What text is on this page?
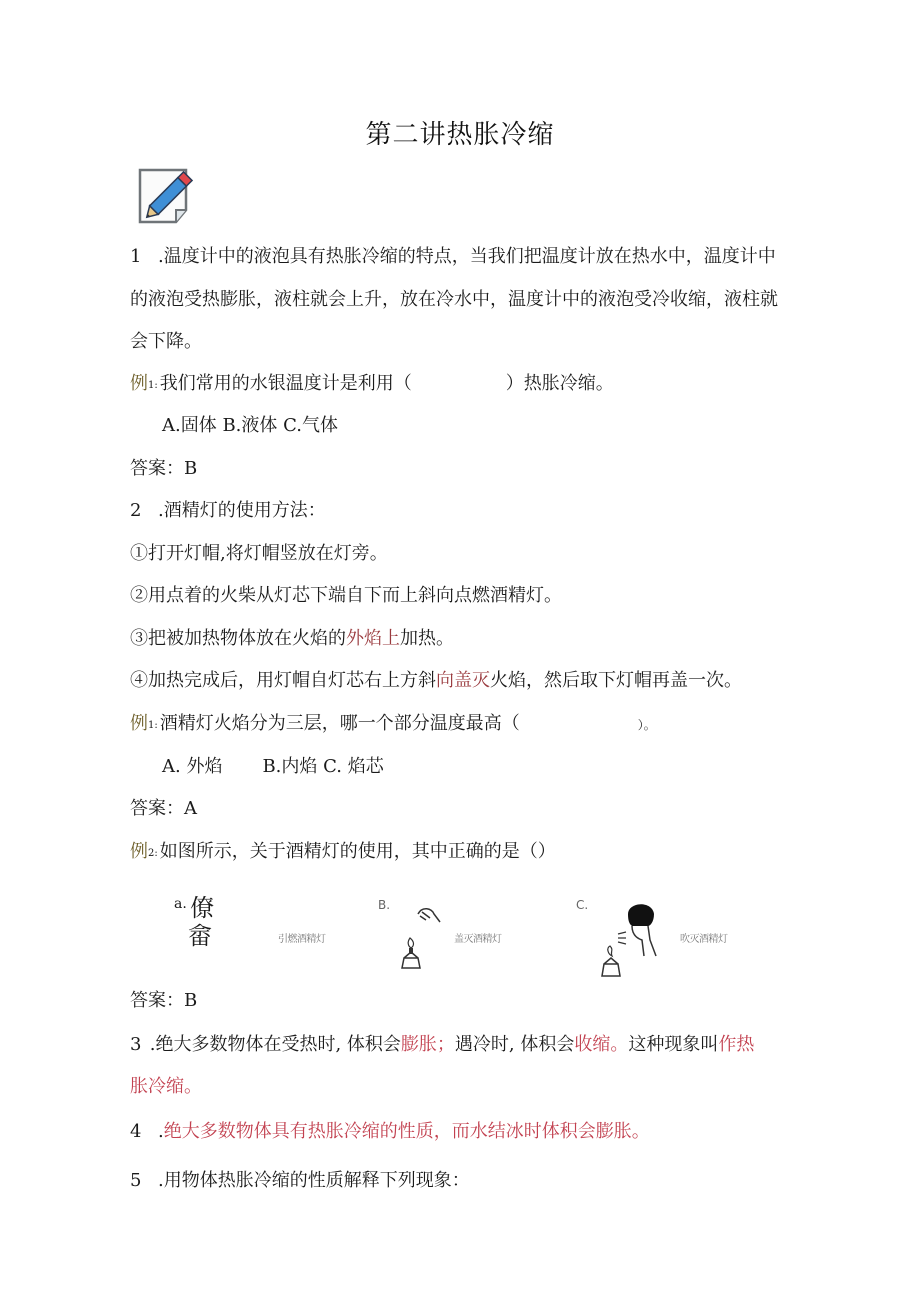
第二讲热胀冷缩
1 .温度计中的液泡具有热胀冷缩的特点，当我们把温度计放在热水中，温度计中
的液泡受热膨胀，液柱就会上升，放在冷水中，温度计中的液泡受冷收缩，液柱就
会下降。
例1: 我们常用的水银温度计是利用（	）热胀冷缩。
A.固体 B.液体 C.气体
答案：B
2 .酒精灯的使用方法：
①打开灯帽,将灯帽竖放在灯旁。
②用点着的火柴从灯芯下端自下而上斜向点燃酒精灯。
③把被加热物体放在火焰的外焰上加热。
④加热完成后，用灯帽自灯芯右上方斜向盖灭火焰，然后取下灯帽再盖一次。
例1: 酒精灯火焰分为三层，哪一个部分温度最高（	）。
A. 外焰 B.内焰 C. 焰芯
答案：A
例2: 如图所示，关于酒精灯的使用，其中正确的是（）
a. 僚
畲	引燃酒精灯
B.
盖灭酒精灯
C.
吹灭酒精灯
答案：B
3 .绝大多数物体在受热时, 体积会膨胀；遇冷时, 体积会收缩。这种现象叫作热
胀冷缩。
4 .绝大多数物体具有热胀冷缩的性质，而水结冰时体积会膨胀。
5 .用物体热胀冷缩的性质解释下列现象：
